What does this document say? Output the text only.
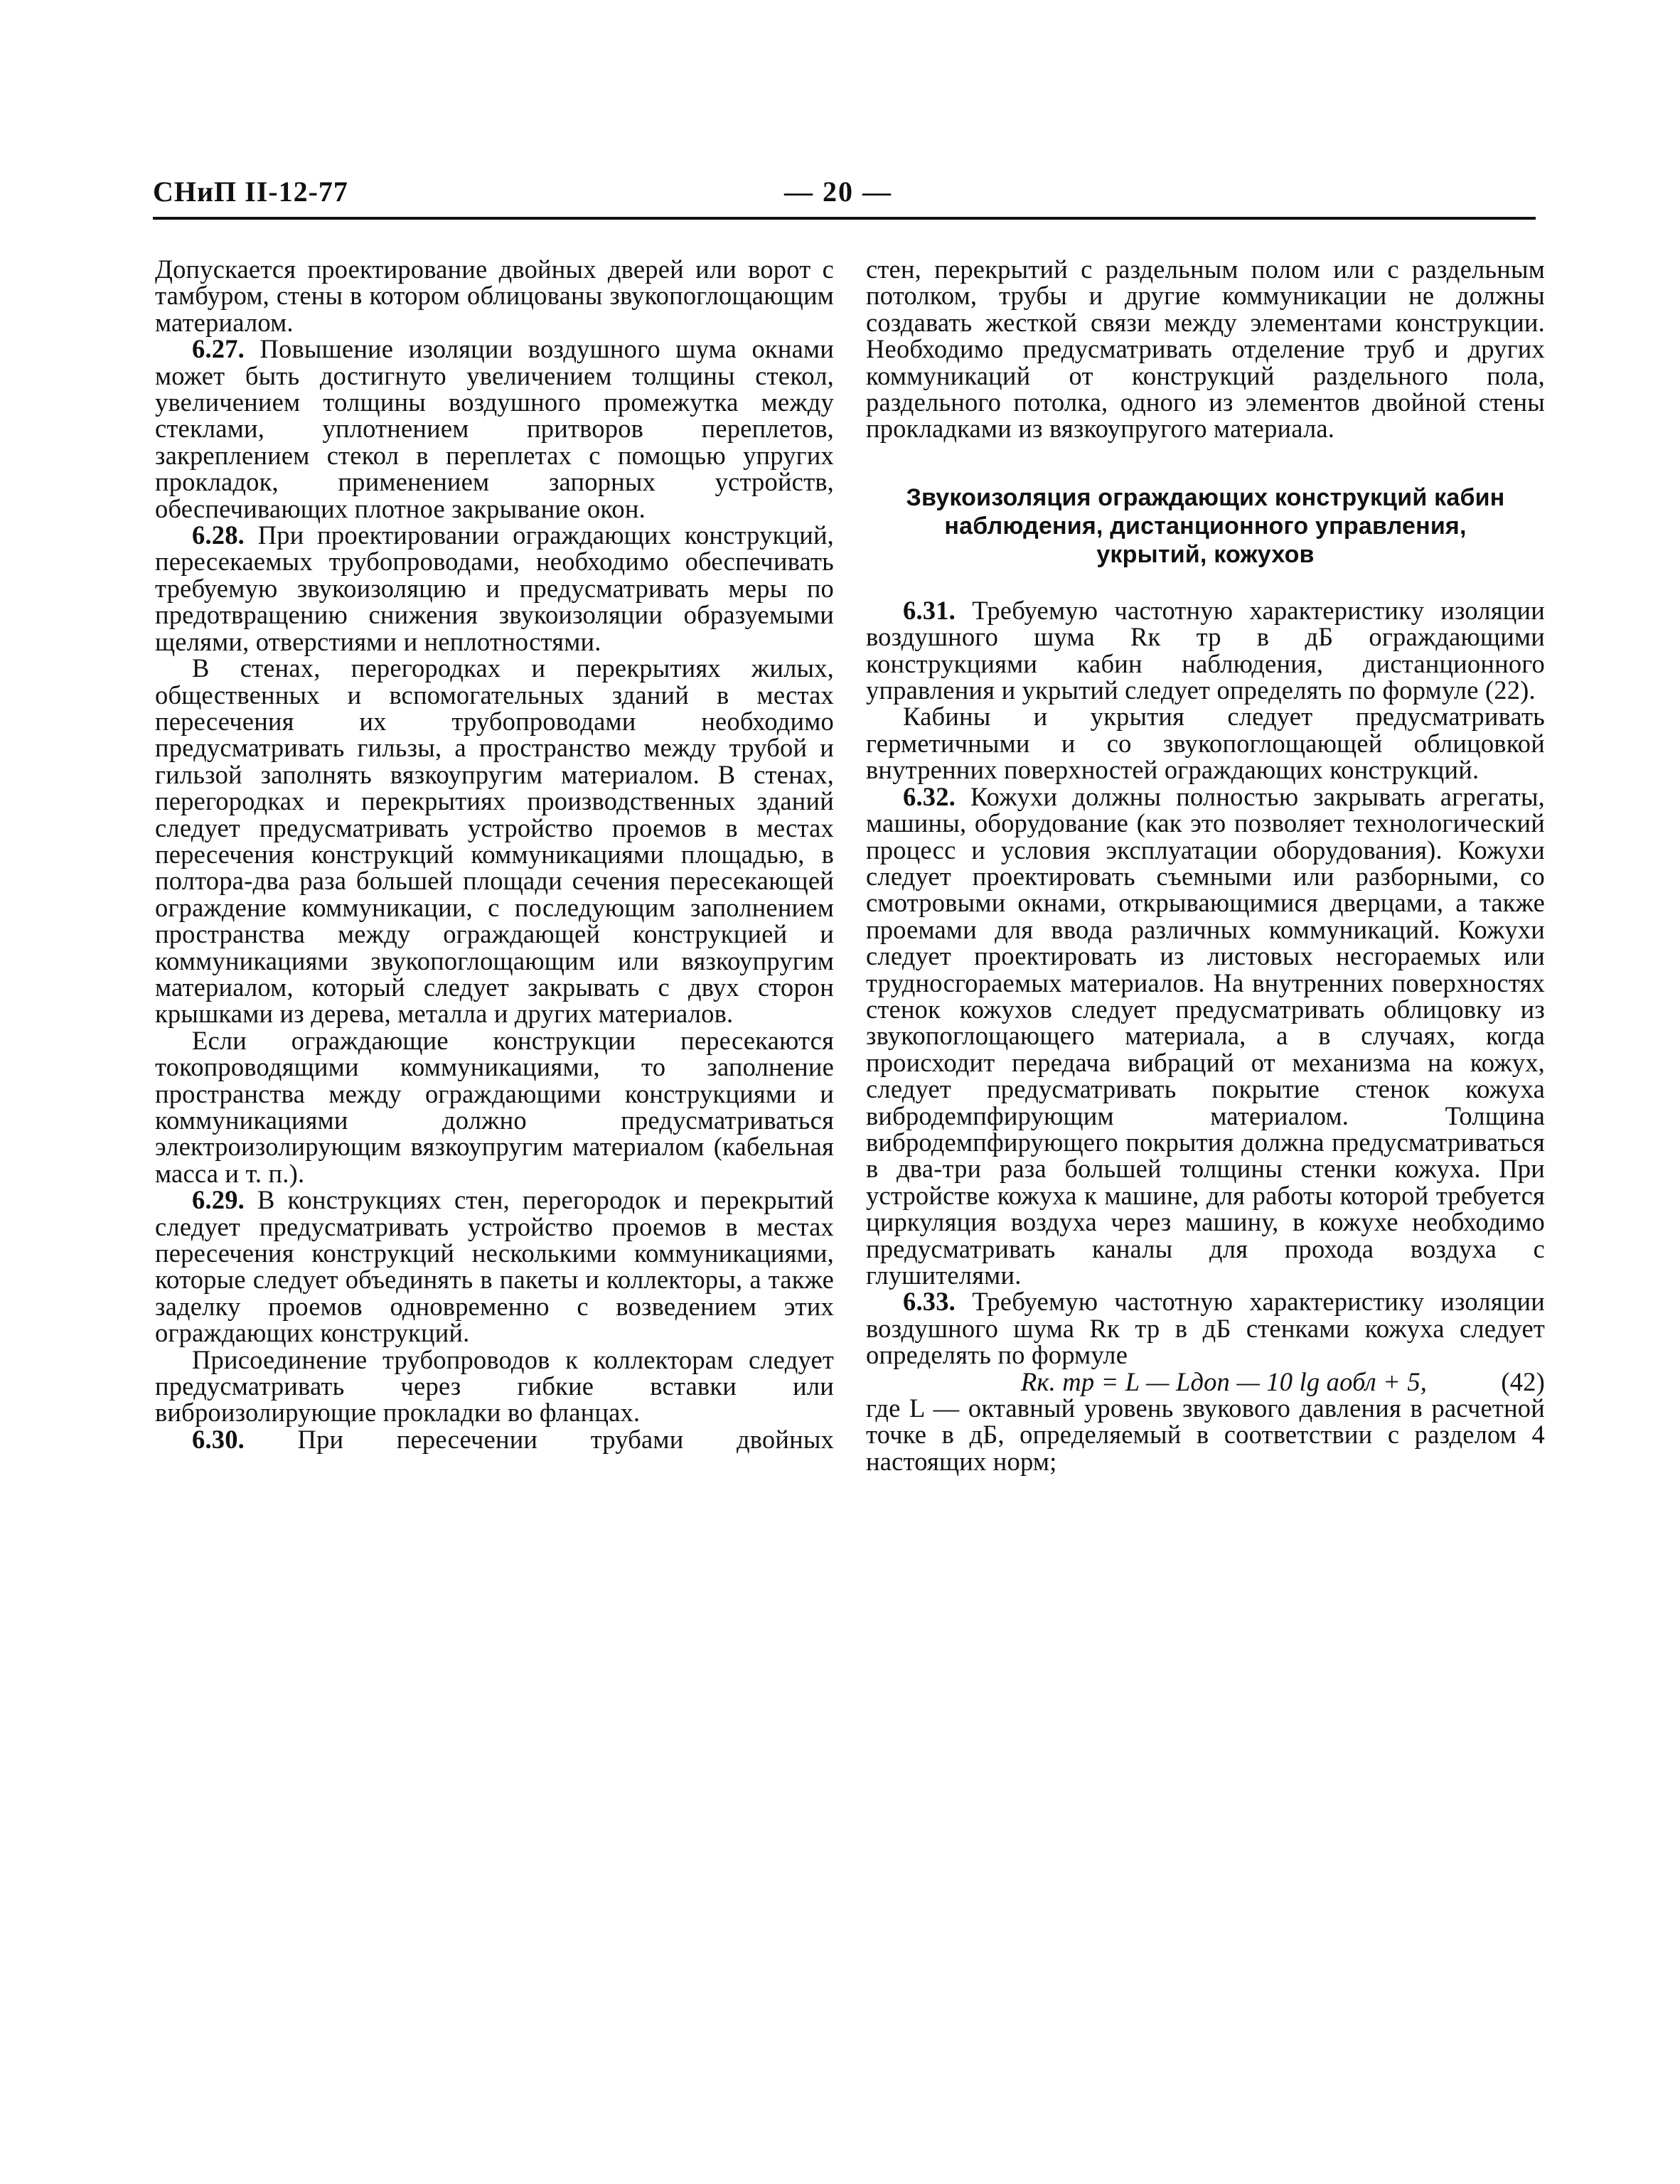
СНиП II-12-77	— 20 —

Допускается проектирование двойных дверей или ворот с тамбуром, стены в котором облицованы звукопоглощающим материалом.

6.27. Повышение изоляции воздушного шума окнами может быть достигнуто увеличением толщины стекол, увеличением толщины воздушного промежутка между стеклами, уплотнением притворов переплетов, закреплением стекол в переплетах с помощью упругих прокладок, применением запорных устройств, обеспечивающих плотное закрывание окон.

6.28. При проектировании ограждающих конструкций, пересекаемых трубопроводами, необходимо обеспечивать требуемую звукоизоляцию и предусматривать меры по предотвращению снижения звукоизоляции образуемыми щелями, отверстиями и неплотностями.

В стенах, перегородках и перекрытиях жилых, общественных и вспомогательных зданий в местах пересечения их трубопроводами необходимо предусматривать гильзы, а пространство между трубой и гильзой заполнять вязкоупругим материалом. В стенах, перегородках и перекрытиях производственных зданий следует предусматривать устройство проемов в местах пересечения конструкций коммуникациями площадью, в полтора-два раза большей площади сечения пересекающей ограждение коммуникации, с последующим заполнением пространства между ограждающей конструкцией и коммуникациями звукопоглощающим или вязкоупругим материалом, который следует закрывать с двух сторон крышками из дерева, металла и других материалов.

Если ограждающие конструкции пересекаются токопроводящими коммуникациями, то заполнение пространства между ограждающими конструкциями и коммуникациями должно предусматриваться электроизолирующим вязкоупругим материалом (кабельная масса и т. п.).

6.29. В конструкциях стен, перегородок и перекрытий следует предусматривать устройство проемов в местах пересечения конструкций несколькими коммуникациями, которые следует объединять в пакеты и коллекторы, а также заделку проемов одновременно с возведением этих ограждающих конструкций.

Присоединение трубопроводов к коллекторам следует предусматривать через гибкие вставки или виброизолирующие прокладки во фланцах.

6.30. При пересечении трубами двойных

стен, перекрытий с раздельным полом или с раздельным потолком, трубы и другие коммуникации не должны создавать жесткой связи между элементами конструкции. Необходимо предусматривать отделение труб и других коммуникаций от конструкций раздельного пола, раздельного потолка, одного из элементов двойной стены прокладками из вязкоупругого материала.

Звукоизоляция ограждающих конструкций кабин наблюдения, дистанционного управления, укрытий, кожухов

6.31. Требуемую частотную характеристику изоляции воздушного шума Rк тр в дБ ограждающими конструкциями кабин наблюдения, дистанционного управления и укрытий следует определять по формуле (22).

Кабины и укрытия следует предусматривать герметичными и со звукопоглощающей облицовкой внутренних поверхностей ограждающих конструкций.

6.32. Кожухи должны полностью закрывать агрегаты, машины, оборудование (как это позволяет технологический процесс и условия эксплуатации оборудования). Кожухи следует проектировать съемными или разборными, со смотровыми окнами, открывающимися дверцами, а также проемами для ввода различных коммуникаций. Кожухи следует проектировать из листовых несгораемых или трудносгораемых материалов. На внутренних поверхностях стенок кожухов следует предусматривать облицовку из звукопоглощающего материала, а в случаях, когда происходит передача вибраций от механизма на кожух, следует предусматривать покрытие стенок кожуха вибродемпфирующим материалом. Толщина вибродемпфирующего покрытия должна предусматриваться в два-три раза большей толщины стенки кожуха. При устройстве кожуха к машине, для работы которой требуется циркуляция воздуха через машину, в кожухе необходимо предусматривать каналы для прохода воздуха с глушителями.

6.33. Требуемую частотную характеристику изоляции воздушного шума Rк тр в дБ стенками кожуха следует определять по формуле

Rк. тр = L — Lдоп — 10 lg aобл + 5,	(42)

где L — октавный уровень звукового давления в расчетной точке в дБ, определяемый в соответствии с разделом 4 настоящих норм;
